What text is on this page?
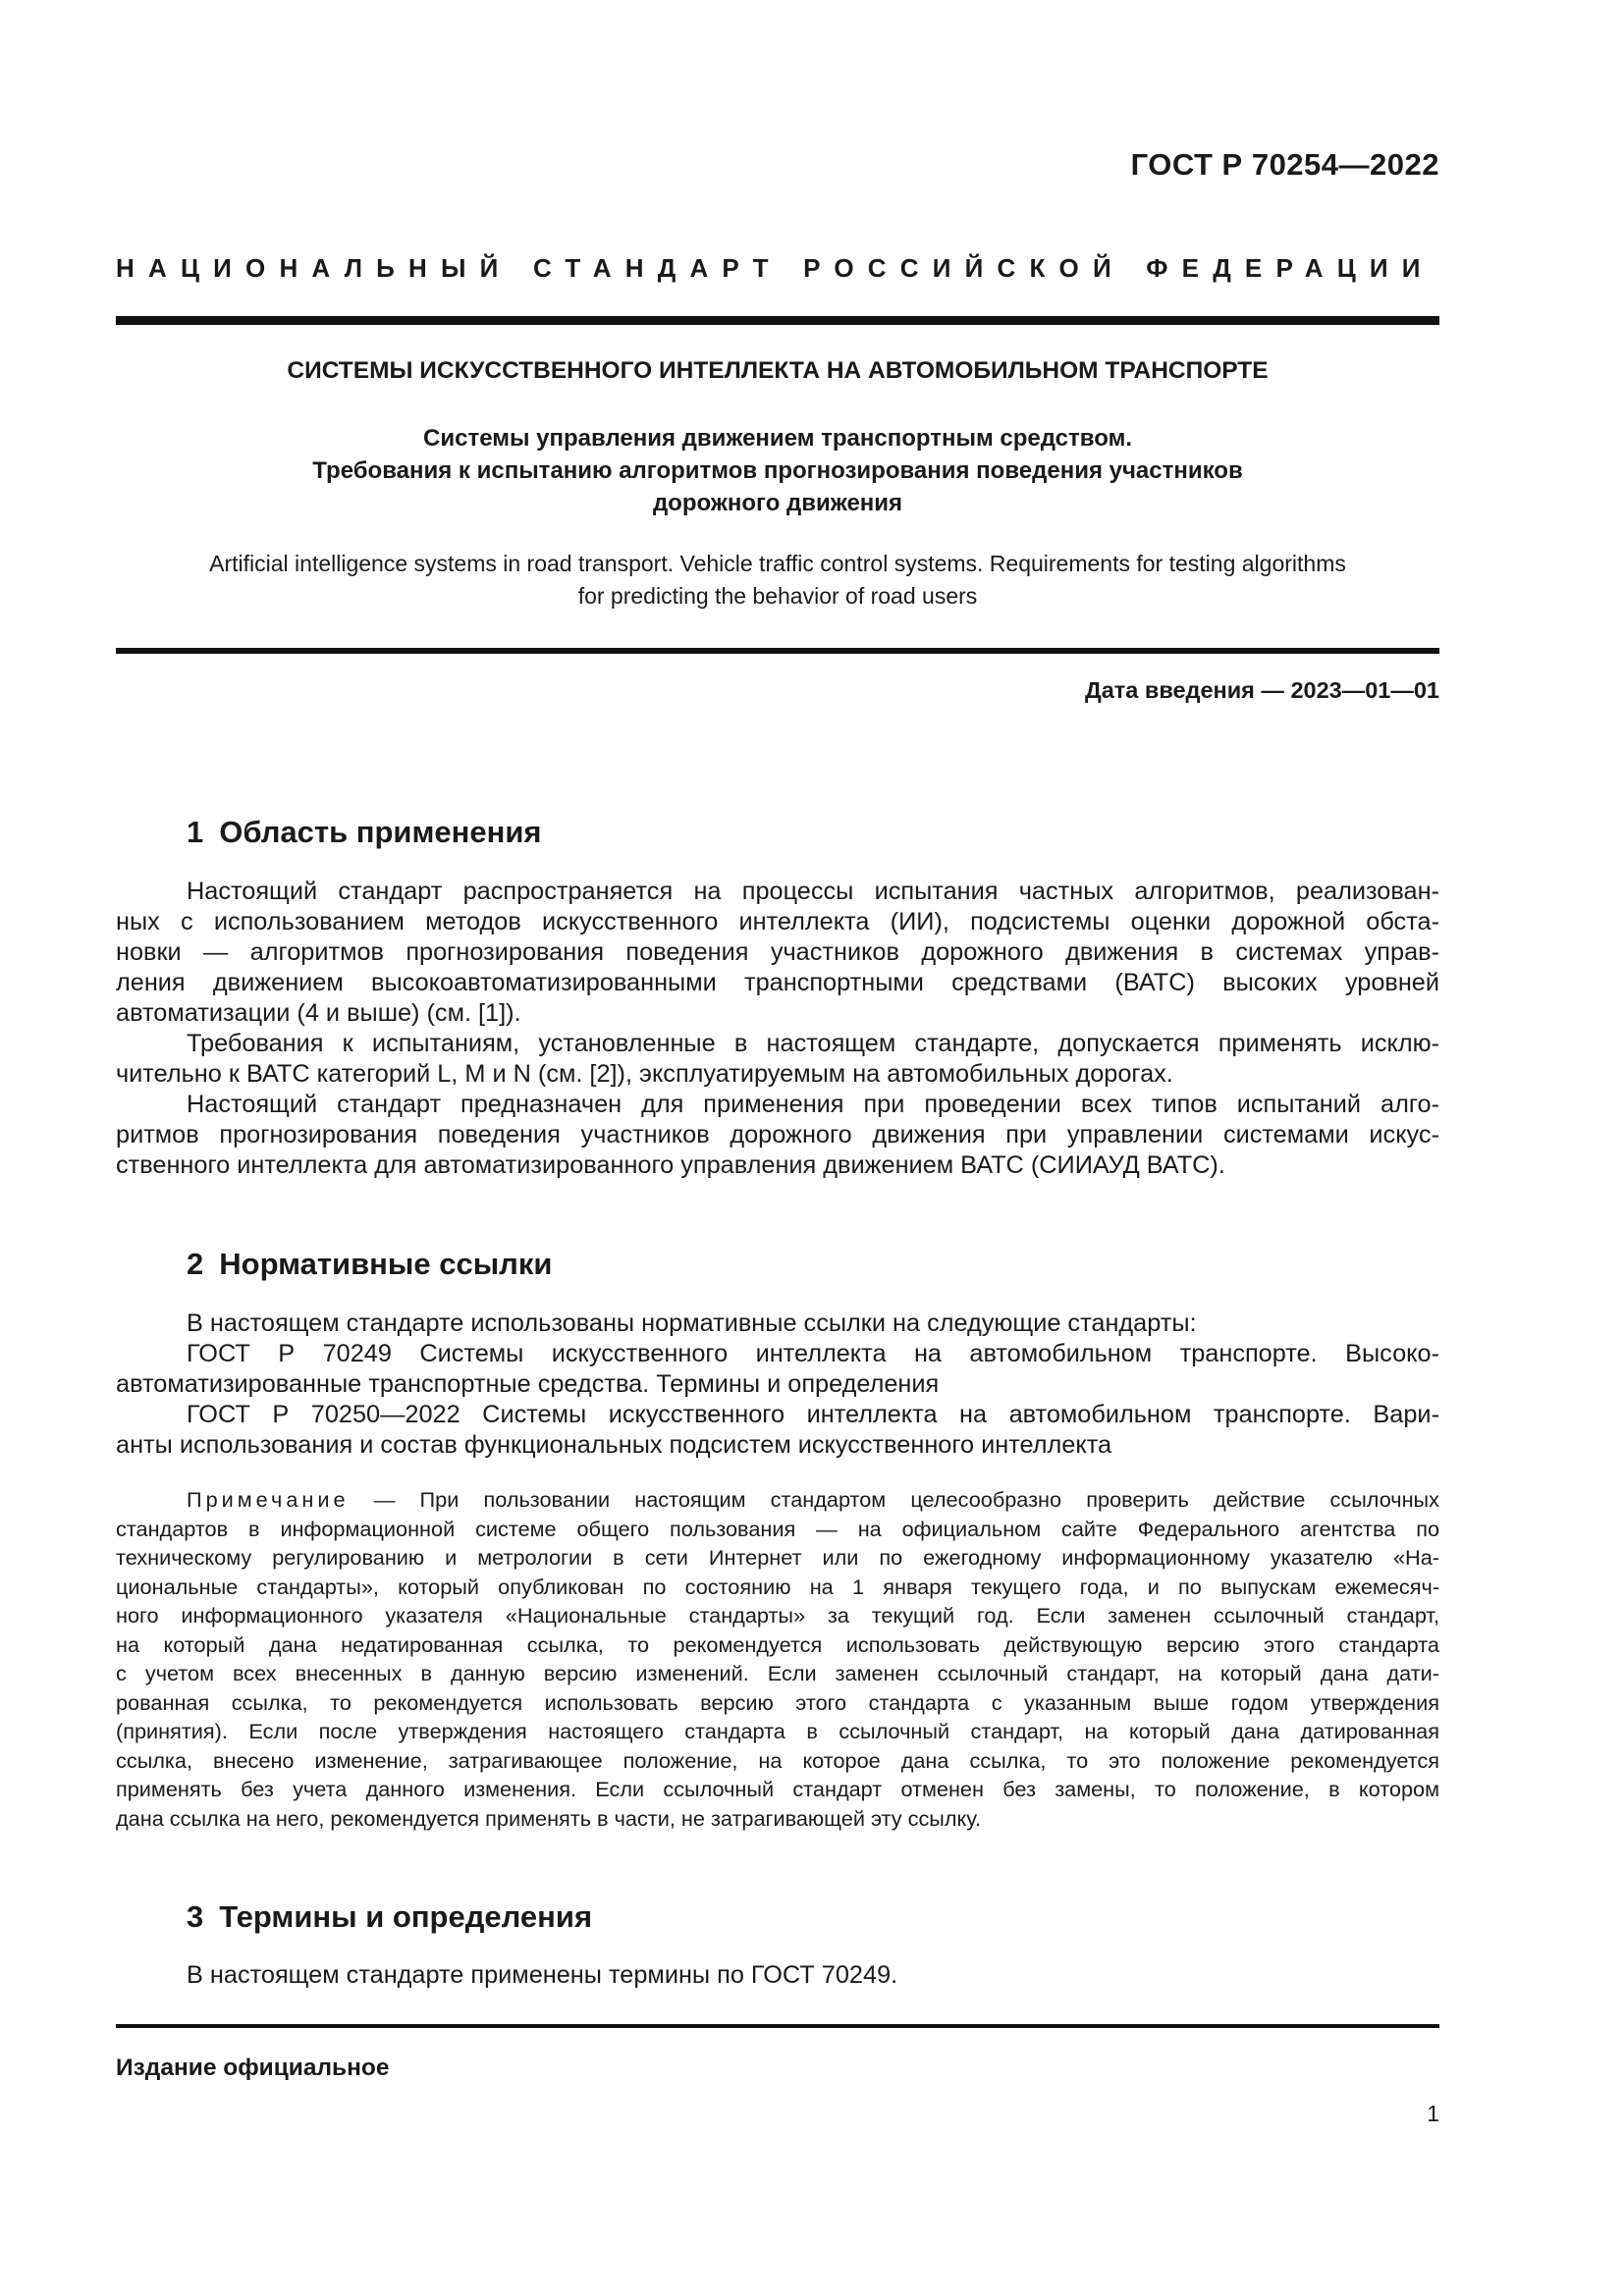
ГОСТ Р 70254—2022
НАЦИОНАЛЬНЫЙ СТАНДАРТ РОССИЙСКОЙ ФЕДЕРАЦИИ
СИСТЕМЫ ИСКУССТВЕННОГО ИНТЕЛЛЕКТА НА АВТОМОБИЛЬНОМ ТРАНСПОРТЕ
Системы управления движением транспортным средством.
Требования к испытанию алгоритмов прогнозирования поведения участников
дорожного движения
Artificial intelligence systems in road transport. Vehicle traffic control systems. Requirements for testing algorithms
for predicting the behavior of road users
Дата введения — 2023—01—01
1 Область применения
Настоящий стандарт распространяется на процессы испытания частных алгоритмов, реализован-
ных с использованием методов искусственного интеллекта (ИИ), подсистемы оценки дорожной обста-
новки — алгоритмов прогнозирования поведения участников дорожного движения в системах управ-
ления движением высокоавтоматизированными транспортными средствами (ВАТС) высоких уровней
автоматизации (4 и выше) (см. [1]).
Требования к испытаниям, установленные в настоящем стандарте, допускается применять исклю-
чительно к ВАТС категорий L, M и N (см. [2]), эксплуатируемым на автомобильных дорогах.
Настоящий стандарт предназначен для применения при проведении всех типов испытаний алго-
ритмов прогнозирования поведения участников дорожного движения при управлении системами искус-
ственного интеллекта для автоматизированного управления движением ВАТС (СИИАУД ВАТС).
2 Нормативные ссылки
В настоящем стандарте использованы нормативные ссылки на следующие стандарты:
ГОСТ Р 70249 Системы искусственного интеллекта на автомобильном транспорте. Высоко-
автоматизированные транспортные средства. Термины и определения
ГОСТ Р 70250—2022 Системы искусственного интеллекта на автомобильном транспорте. Вари-
анты использования и состав функциональных подсистем искусственного интеллекта
Примечание — При пользовании настоящим стандартом целесообразно проверить действие ссылочных
стандартов в информационной системе общего пользования — на официальном сайте Федерального агентства по
техническому регулированию и метрологии в сети Интернет или по ежегодному информационному указателю «На-
циональные стандарты», который опубликован по состоянию на 1 января текущего года, и по выпускам ежемесяч-
ного информационного указателя «Национальные стандарты» за текущий год. Если заменен ссылочный стандарт,
на который дана недатированная ссылка, то рекомендуется использовать действующую версию этого стандарта
с учетом всех внесенных в данную версию изменений. Если заменен ссылочный стандарт, на который дана дати-
рованная ссылка, то рекомендуется использовать версию этого стандарта с указанным выше годом утверждения
(принятия). Если после утверждения настоящего стандарта в ссылочный стандарт, на который дана датированная
ссылка, внесено изменение, затрагивающее положение, на которое дана ссылка, то это положение рекомендуется
применять без учета данного изменения. Если ссылочный стандарт отменен без замены, то положение, в котором
дана ссылка на него, рекомендуется применять в части, не затрагивающей эту ссылку.
3 Термины и определения
В настоящем стандарте применены термины по ГОСТ 70249.
Издание официальное
1
